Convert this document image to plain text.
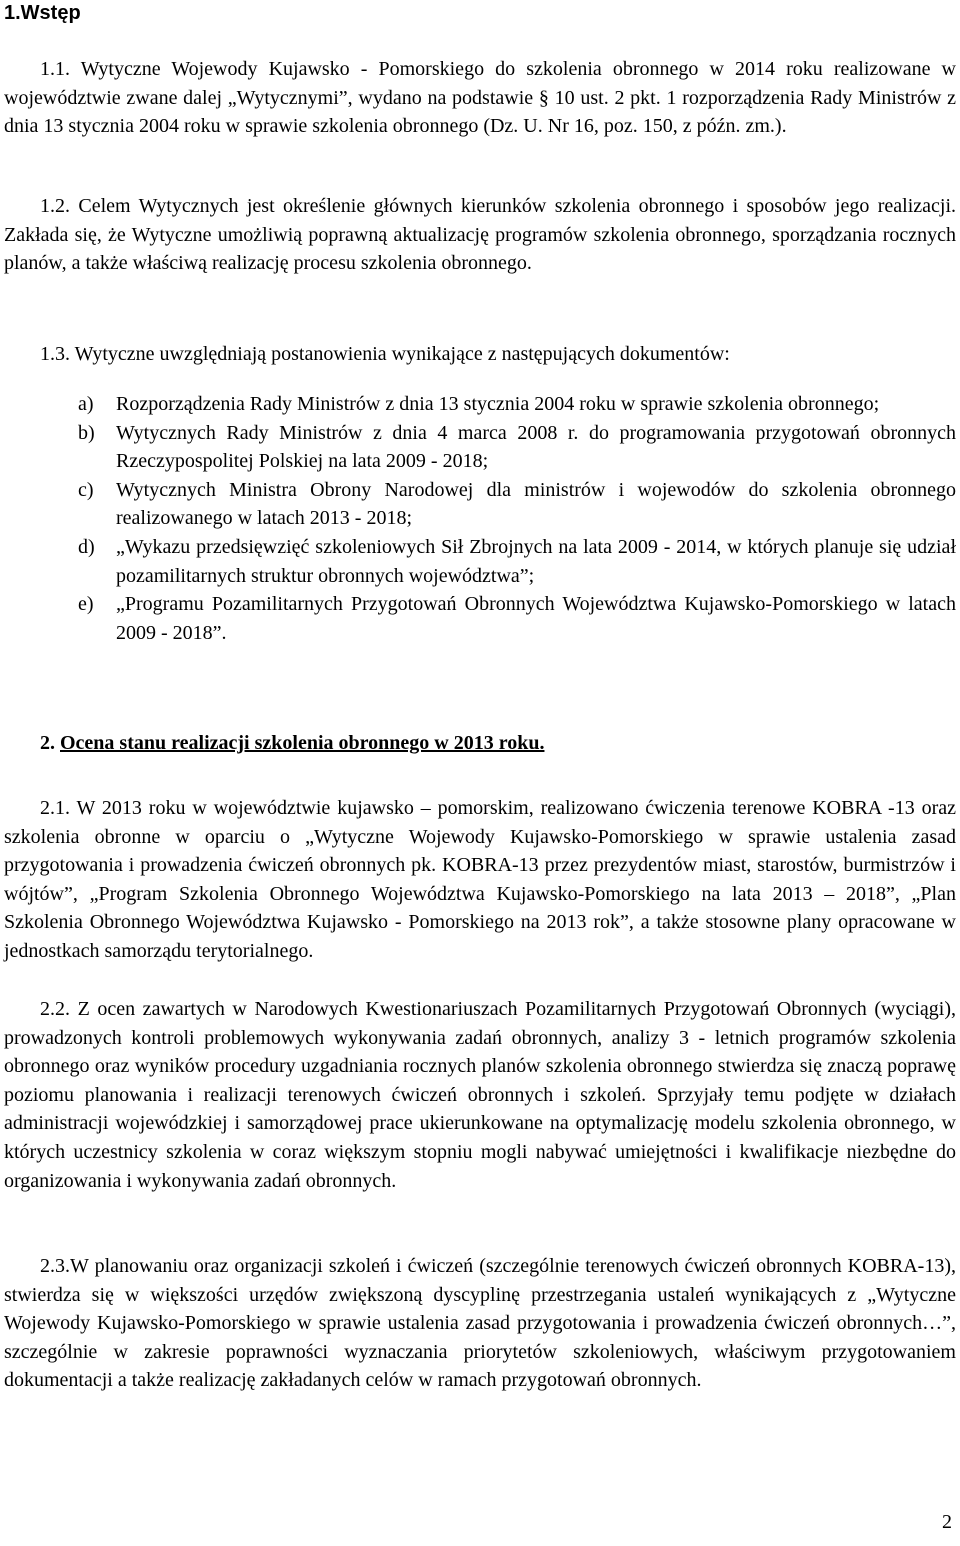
1.Wstęp

1.1. Wytyczne Wojewody Kujawsko - Pomorskiego do szkolenia obronnego w 2014 roku realizowane w województwie zwane dalej „Wytycznymi”, wydano na podstawie § 10 ust. 2 pkt. 1 rozporządzenia Rady Ministrów z dnia 13 stycznia 2004 roku w sprawie szkolenia obronnego (Dz. U. Nr 16, poz. 150, z późn. zm.).

1.2. Celem Wytycznych jest określenie głównych kierunków szkolenia obronnego i sposobów jego realizacji. Zakłada się, że Wytyczne umożliwią poprawną aktualizację programów szkolenia obronnego, sporządzania rocznych planów, a także właściwą realizację procesu szkolenia obronnego.

1.3. Wytyczne uwzględniają postanowienia wynikające z następujących dokumentów:

a) Rozporządzenia Rady Ministrów z dnia 13 stycznia 2004 roku w sprawie szkolenia obronnego;
b) Wytycznych Rady Ministrów z dnia 4 marca 2008 r. do programowania przygotowań obronnych Rzeczypospolitej Polskiej na lata 2009 - 2018;
c) Wytycznych Ministra Obrony Narodowej dla ministrów i wojewodów do szkolenia obronnego realizowanego w latach 2013 - 2018;
d) „Wykazu przedsięwzięć szkoleniowych Sił Zbrojnych na lata 2009 - 2014, w których planuje się udział pozamilitarnych struktur obronnych województwa”;
e) „Programu Pozamilitarnych Przygotowań Obronnych Województwa Kujawsko-Pomorskiego w latach 2009 - 2018”.
2. Ocena stanu realizacji szkolenia obronnego w 2013 roku.

2.1. W 2013 roku w województwie kujawsko – pomorskim, realizowano ćwiczenia terenowe KOBRA -13 oraz szkolenia obronne w oparciu o „Wytyczne Wojewody Kujawsko-Pomorskiego w sprawie ustalenia zasad przygotowania i prowadzenia ćwiczeń obronnych pk. KOBRA-13 przez prezydentów miast, starostów, burmistrzów i wójtów”, „Program Szkolenia Obronnego Województwa Kujawsko-Pomorskiego na lata 2013 – 2018”, „Plan Szkolenia Obronnego Województwa Kujawsko - Pomorskiego na 2013 rok”, a także stosowne plany opracowane w jednostkach samorządu terytorialnego.

2.2. Z ocen zawartych w Narodowych Kwestionariuszach Pozamilitarnych Przygotowań Obronnych (wyciągi), prowadzonych kontroli problemowych wykonywania zadań obronnych, analizy 3 - letnich programów szkolenia obronnego oraz wyników procedury uzgadniania rocznych planów szkolenia obronnego stwierdza się znaczą poprawę poziomu planowania i realizacji terenowych ćwiczeń obronnych i szkoleń. Sprzyjały temu podjęte w działach administracji wojewódzkiej i samorządowej prace ukierunkowane na optymalizację modelu szkolenia obronnego, w których uczestnicy szkolenia w coraz większym stopniu mogli nabywać umiejętności i kwalifikacje niezbędne do organizowania i wykonywania zadań obronnych.

2.3.W planowaniu oraz organizacji szkoleń i ćwiczeń (szczególnie terenowych ćwiczeń obronnych KOBRA-13), stwierdza się w większości urzędów zwiększoną dyscyplinę przestrzegania ustaleń wynikających z „Wytyczne Wojewody Kujawsko-Pomorskiego w sprawie ustalenia zasad przygotowania i prowadzenia ćwiczeń obronnych…”, szczególnie w zakresie poprawności wyznaczania priorytetów szkoleniowych, właściwym przygotowaniem dokumentacji a także realizację zakładanych celów w ramach przygotowań obronnych.

2
